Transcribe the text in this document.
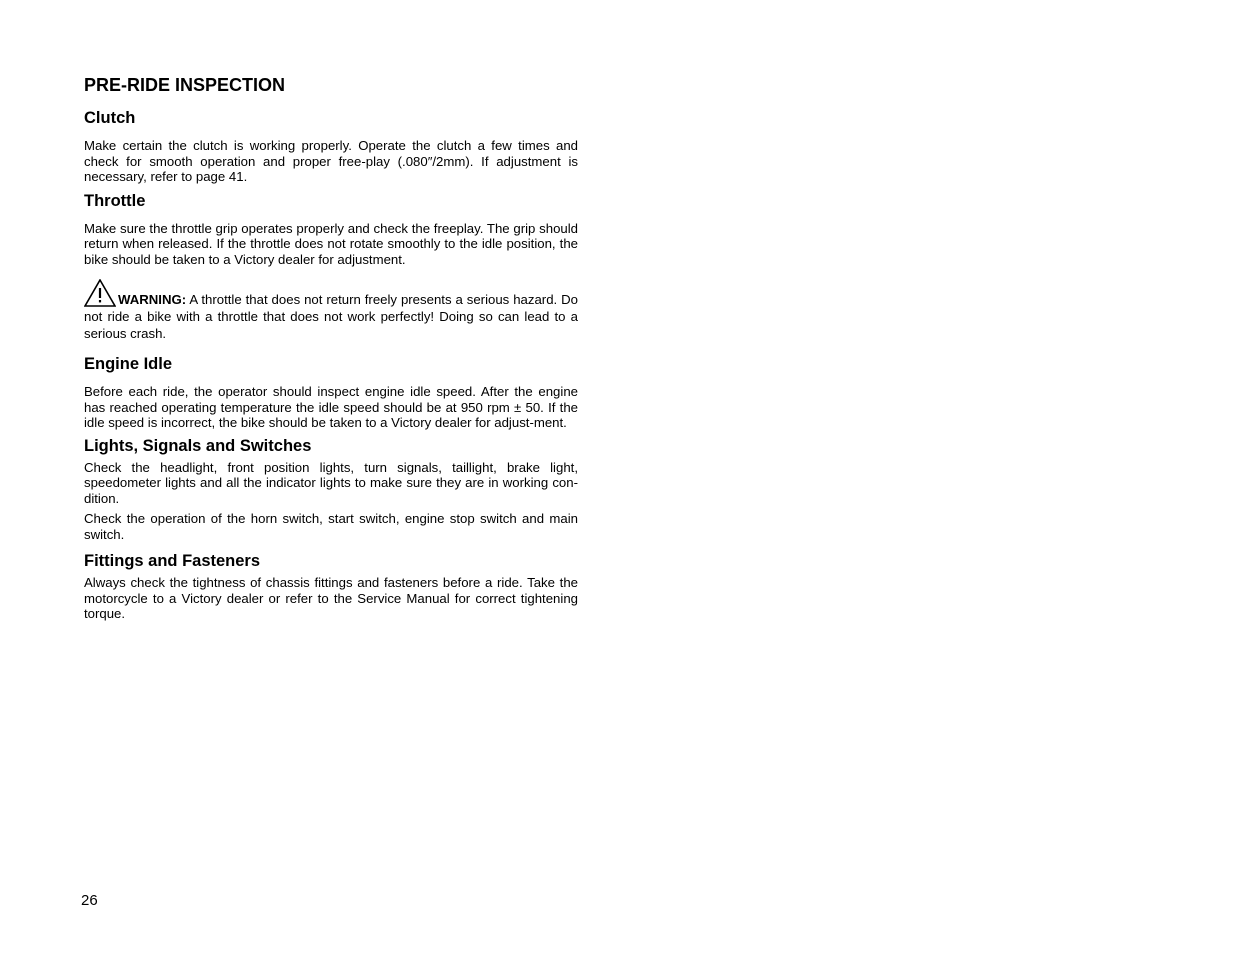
PRE-RIDE INSPECTION
Clutch

Make certain the clutch is working properly. Operate the clutch a few times and check for smooth operation and proper free-play (.080″/2mm). If adjustment is necessary, refer to page 41.

Throttle

Make sure the throttle grip operates properly and check the freeplay. The grip should return when released. If the throttle does not rotate smoothly to the idle position, the bike should be taken to a Victory dealer for adjustment.

WARNING: A throttle that does not return freely presents a serious hazard. Do not ride a bike with a throttle that does not work perfectly! Doing so can lead to a serious crash.

Engine Idle

Before each ride, the operator should inspect engine idle speed. After the engine has reached operating temperature the idle speed should be at 950 rpm ± 50. If the idle speed is incorrect, the bike should be taken to a Victory dealer for adjust-ment.

Lights, Signals and Switches

Check the headlight, front position lights, turn signals, taillight, brake light, speedometer lights and all the indicator lights to make sure they are in working con-dition.

Check the operation of the horn switch, start switch, engine stop switch and main switch.

Fittings and Fasteners

Always check the tightness of chassis fittings and fasteners before a ride. Take the motorcycle to a Victory dealer or refer to the Service Manual for correct tightening torque.

26
